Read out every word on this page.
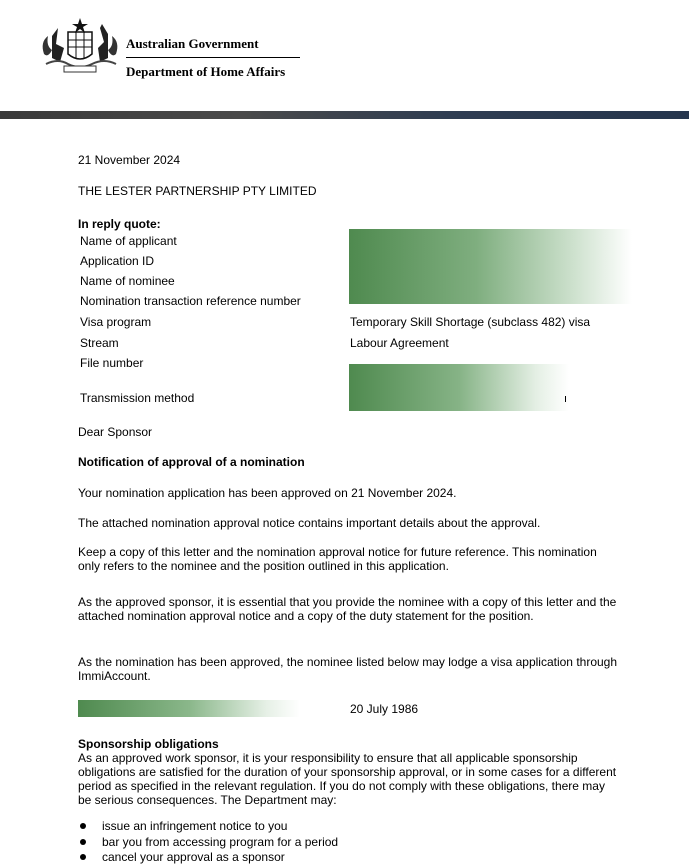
Australian Government
Department of Home Affairs
21 November 2024
THE LESTER PARTNERSHIP PTY LIMITED
In reply quote:
Name of applicant
Application ID
Name of nominee
Nomination transaction reference number
Visa program
Stream
File number
Transmission method
Temporary Skill Shortage (subclass 482) visa
Labour Agreement
Dear Sponsor
Notification of approval of a nomination
Your nomination application has been approved on 21 November 2024.
The attached nomination approval notice contains important details about the approval.
Keep a copy of this letter and the nomination approval notice for future reference. This nomination only refers to the nominee and the position outlined in this application.
As the approved sponsor, it is essential that you provide the nominee with a copy of this letter and the attached nomination approval notice and a copy of the duty statement for the position.
As the nomination has been approved, the nominee listed below may lodge a visa application through ImmiAccount.
20 July 1986
Sponsorship obligations
As an approved work sponsor, it is your responsibility to ensure that all applicable sponsorship obligations are satisfied for the duration of your sponsorship approval, or in some cases for a different period as specified in the relevant regulation. If you do not comply with these obligations, there may be serious consequences. The Department may:
issue an infringement notice to you
bar you from accessing program for a period
cancel your approval as a sponsor
